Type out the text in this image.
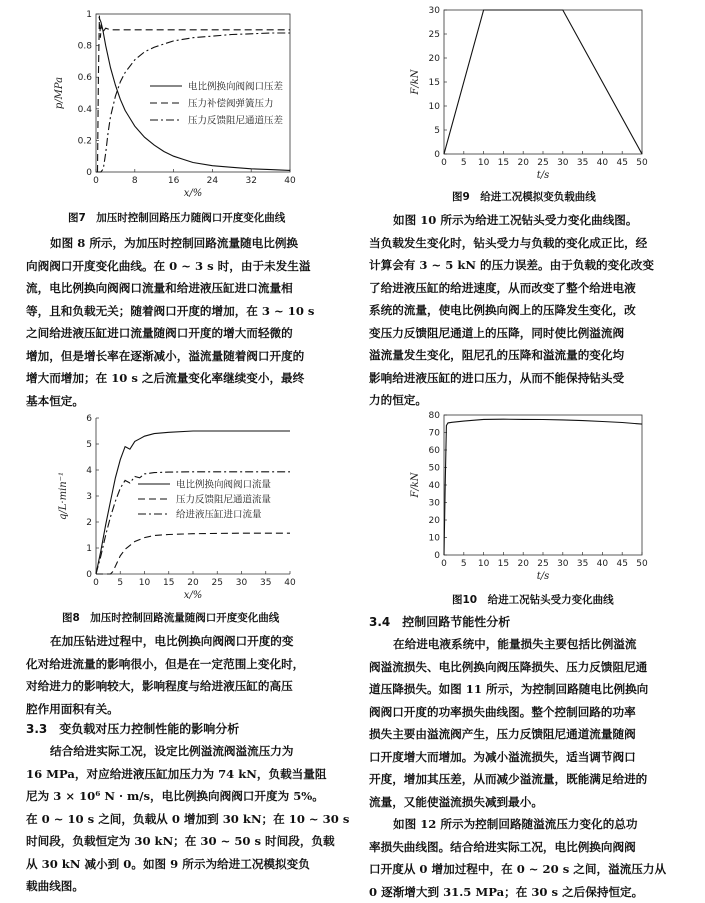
0	8	16	24	32	40
0
0.2
0.4
0.6
0.8
1
x/%
p/MPa	电比例换向阀阀口压差
压力补偿阀弹簧压力
压力反馈阻尼通道压差
图7　加压时控制回路压力随阀口开度变化曲线
0 5 10 15 20 25 30 35 40 45 50
0
5
10
15
20
25
30
t/s
F/kN
图9　给进工况模拟变负载曲线
如图 8 所示，为加压时控制回路流量随电比例换
向阀阀口开度变化曲线。在 0 ~ 3 s 时，由于未发生溢
流，电比例换向阀阀口流量和给进液压缸进口流量相
等，且和负载无关；随着阀口开度的增加，在 3 ~ 10 s
之间给进液压缸进口流量随阀口开度的增大而轻微的
增加，但是增长率在逐渐减小，溢流量随着阀口开度的
增大而增加；在 10 s 之后流量变化率继续变小，最终
基本恒定。
如图 10 所示为给进工况钻头受力变化曲线图。
当负载发生变化时，钻头受力与负载的变化成正比，经
计算会有 3 ~ 5 kN 的压力误差。由于负载的变化改变
了给进液压缸的给进速度，从而改变了整个给进电液
系统的流量，使电比例换向阀上的压降发生变化，改
变压力反馈阻尼通道上的压降，同时使比例溢流阀
溢流量发生变化，阻尼孔的压降和溢流量的变化均
影响给进液压缸的进口压力，从而不能保持钻头受
力的恒定。
0 5 10 15 20 25 30 35 40
0
1
2
3
4
5
6
x/%
q/L·min⁻¹	电比例换向阀阀口流量
压力反馈阻尼通道流量
给进液压缸进口流量
图8　加压时控制回路流量随阀口开度变化曲线
0 5 10 15 20 25 30 35 40 45 50
0
10
20
30
40
50
60
70
80
t/s
F/kN
图10　给进工况钻头受力变化曲线
在加压钻进过程中，电比例换向阀阀口开度的变
化对给进流量的影响很小，但是在一定范围上变化时，
对给进力的影响较大，影响程度与给进液压缸的高压
腔作用面积有关。
3.3　变负载对压力控制性能的影响分析
结合给进实际工况，设定比例溢流阀溢流压力为
16 MPa，对应给进液压缸加压力为 74 kN，负载当量阻
尼为 3 × 10⁶ N · m/s，电比例换向阀阀口开度为 5%。
在 0 ~ 10 s 之间，负载从 0 增加到 30 kN；在 10 ~ 30 s
时间段，负载恒定为 30 kN；在 30 ~ 50 s 时间段，负载
从 30 kN 减小到 0。如图 9 所示为给进工况模拟变负
载曲线图。
3.4　控制回路节能性分析
在给进电液系统中，能量损失主要包括比例溢流
阀溢流损失、电比例换向阀压降损失、压力反馈阻尼通
道压降损失。如图 11 所示，为控制回路随电比例换向
阀阀口开度的功率损失曲线图。整个控制回路的功率
损失主要由溢流阀产生，压力反馈阻尼通道流量随阀
口开度增大而增加。为减小溢流损失，适当调节阀口
开度，增加其压差，从而减少溢流量，既能满足给进的
流量，又能使溢流损失减到最小。
如图 12 所示为控制回路随溢流压力变化的总功
率损失曲线图。结合给进实际工况，电比例换向阀阀
口开度从 0 增加过程中，在 0 ~ 20 s 之间，溢流压力从
0 逐渐增大到 31.5 MPa；在 30 s 之后保持恒定。
